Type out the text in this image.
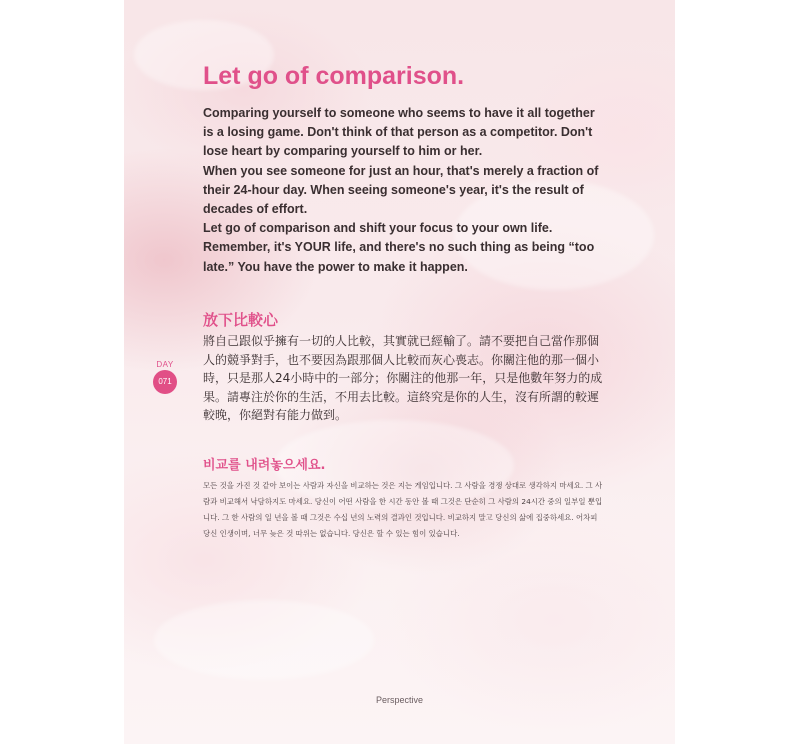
Let go of comparison.

Comparing yourself to someone who seems to have it all together is a losing game. Don't think of that person as a competitor. Don't lose heart by comparing yourself to him or her.

When you see someone for just an hour, that's merely a fraction of their 24-hour day. When seeing someone's year, it's the result of decades of effort.

Let go of comparison and shift your focus to your own life.

Remember, it's YOUR life, and there's no such thing as being “too late.” You have the power to make it happen.

放下比較心

將自己跟似乎擁有一切的人比較，其實就已經輸了。請不要把自己當作那個人的競爭對手，也不要因為跟那個人比較而灰心喪志。你關注他的那一個小時，只是那人24小時中的一部分；你關注的他那一年，只是他數年努力的成果。請專注於你的生活，不用去比較。這終究是你的人生，沒有所謂的較遲較晚，你絕對有能力做到。

DAY
071
비교를 내려놓으세요.

모든 것을 가진 것 같아 보이는 사람과 자신을 비교하는 것은 지는 게임입니다. 그 사람을 경쟁 상대로 생각하지 마세요. 그 사람과 비교해서 낙담하지도 마세요. 당신이 어떤 사람을 한 시간 동안 볼 때 그것은 단순히 그 사람의 24시간 중의 일부일 뿐입니다. 그 한 사람의 일 년을 볼 때 그것은 수십 년의 노력의 결과인 것입니다. 비교하지 말고 당신의 삶에 집중하세요. 어차피 당신 인생이며, 너무 늦은 것 따위는 없습니다. 당신은 할 수 있는 힘이 있습니다.

Perspective
